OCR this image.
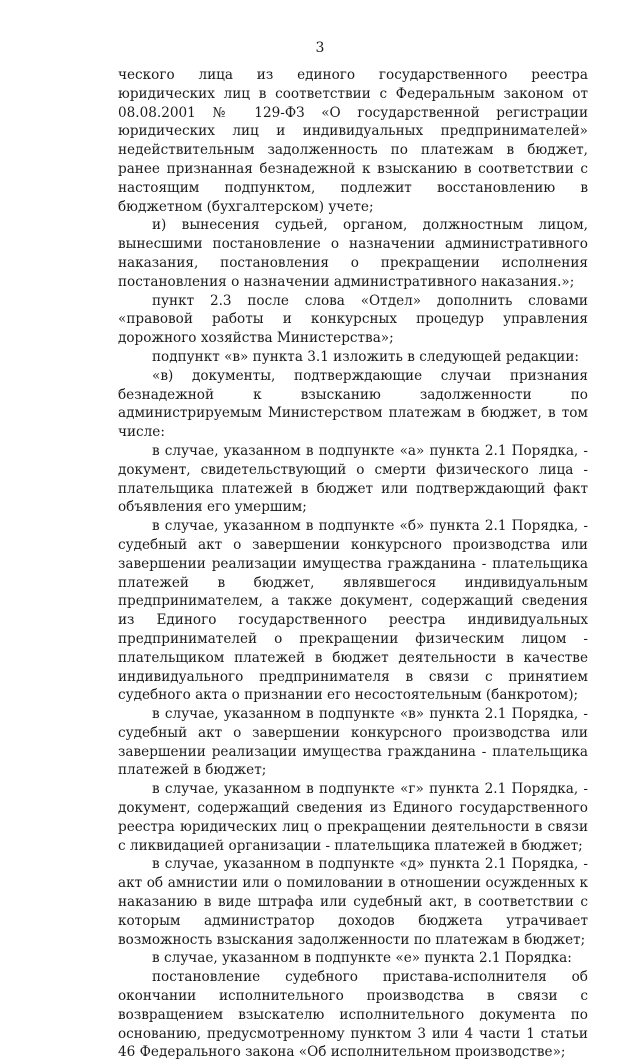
3

ческого лица из единого государственного реестра юридических лиц в соответствии с Федеральным законом от 08.08.2001 № 129-ФЗ «О государственной регистрации юридических лиц и индивидуальных предпринимателей» недействительным задолженность по платежам в бюджет, ранее признанная безнадежной к взысканию в соответствии с настоящим подпунктом, подлежит восстановлению в бюджетном (бухгалтерском) учете;

и) вынесения судьей, органом, должностным лицом, вынесшими постановление о назначении административного наказания, постановления о прекращении исполнения постановления о назначении административного наказания.»;

пункт 2.3 после слова «Отдел» дополнить словами «правовой работы и конкурсных процедур управления дорожного хозяйства Министерства»;

подпункт «в» пункта 3.1 изложить в следующей редакции:

«в) документы, подтверждающие случаи признания безнадежной к взысканию задолженности по администрируемым Министерством платежам в бюджет, в том числе:

в случае, указанном в подпункте «а» пункта 2.1 Порядка, - документ, свидетельствующий о смерти физического лица - плательщика платежей в бюджет или подтверждающий факт объявления его умершим;

в случае, указанном в подпункте «б» пункта 2.1 Порядка, - судебный акт о завершении конкурсного производства или завершении реализации имущества гражданина - плательщика платежей в бюджет, являвшегося индивидуальным предпринимателем, а также документ, содержащий сведения из Единого государственного реестра индивидуальных предпринимателей о прекращении физическим лицом - плательщиком платежей в бюджет деятельности в качестве индивидуального предпринимателя в связи с принятием судебного акта о признании его несостоятельным (банкротом);

в случае, указанном в подпункте «в» пункта 2.1 Порядка, - судебный акт о завершении конкурсного производства или завершении реализации имущества гражданина - плательщика платежей в бюджет;

в случае, указанном в подпункте «г» пункта 2.1 Порядка, - документ, содержащий сведения из Единого государственного реестра юридических лиц о прекращении деятельности в связи с ликвидацией организации - плательщика платежей в бюджет;

в случае, указанном в подпункте «д» пункта 2.1 Порядка, - акт об амнистии или о помиловании в отношении осужденных к наказанию в виде штрафа или судебный акт, в соответствии с которым администратор доходов бюджета утрачивает возможность взыскания задолженности по платежам в бюджет;

в случае, указанном в подпункте «е» пункта 2.1 Порядка:

постановление судебного пристава-исполнителя об окончании исполнительного производства в связи с возвращением взыскателю исполнительного документа по основанию, предусмотренному пунктом 3 или 4 части 1 статьи 46 Федерального закона «Об исполнительном производстве»;
